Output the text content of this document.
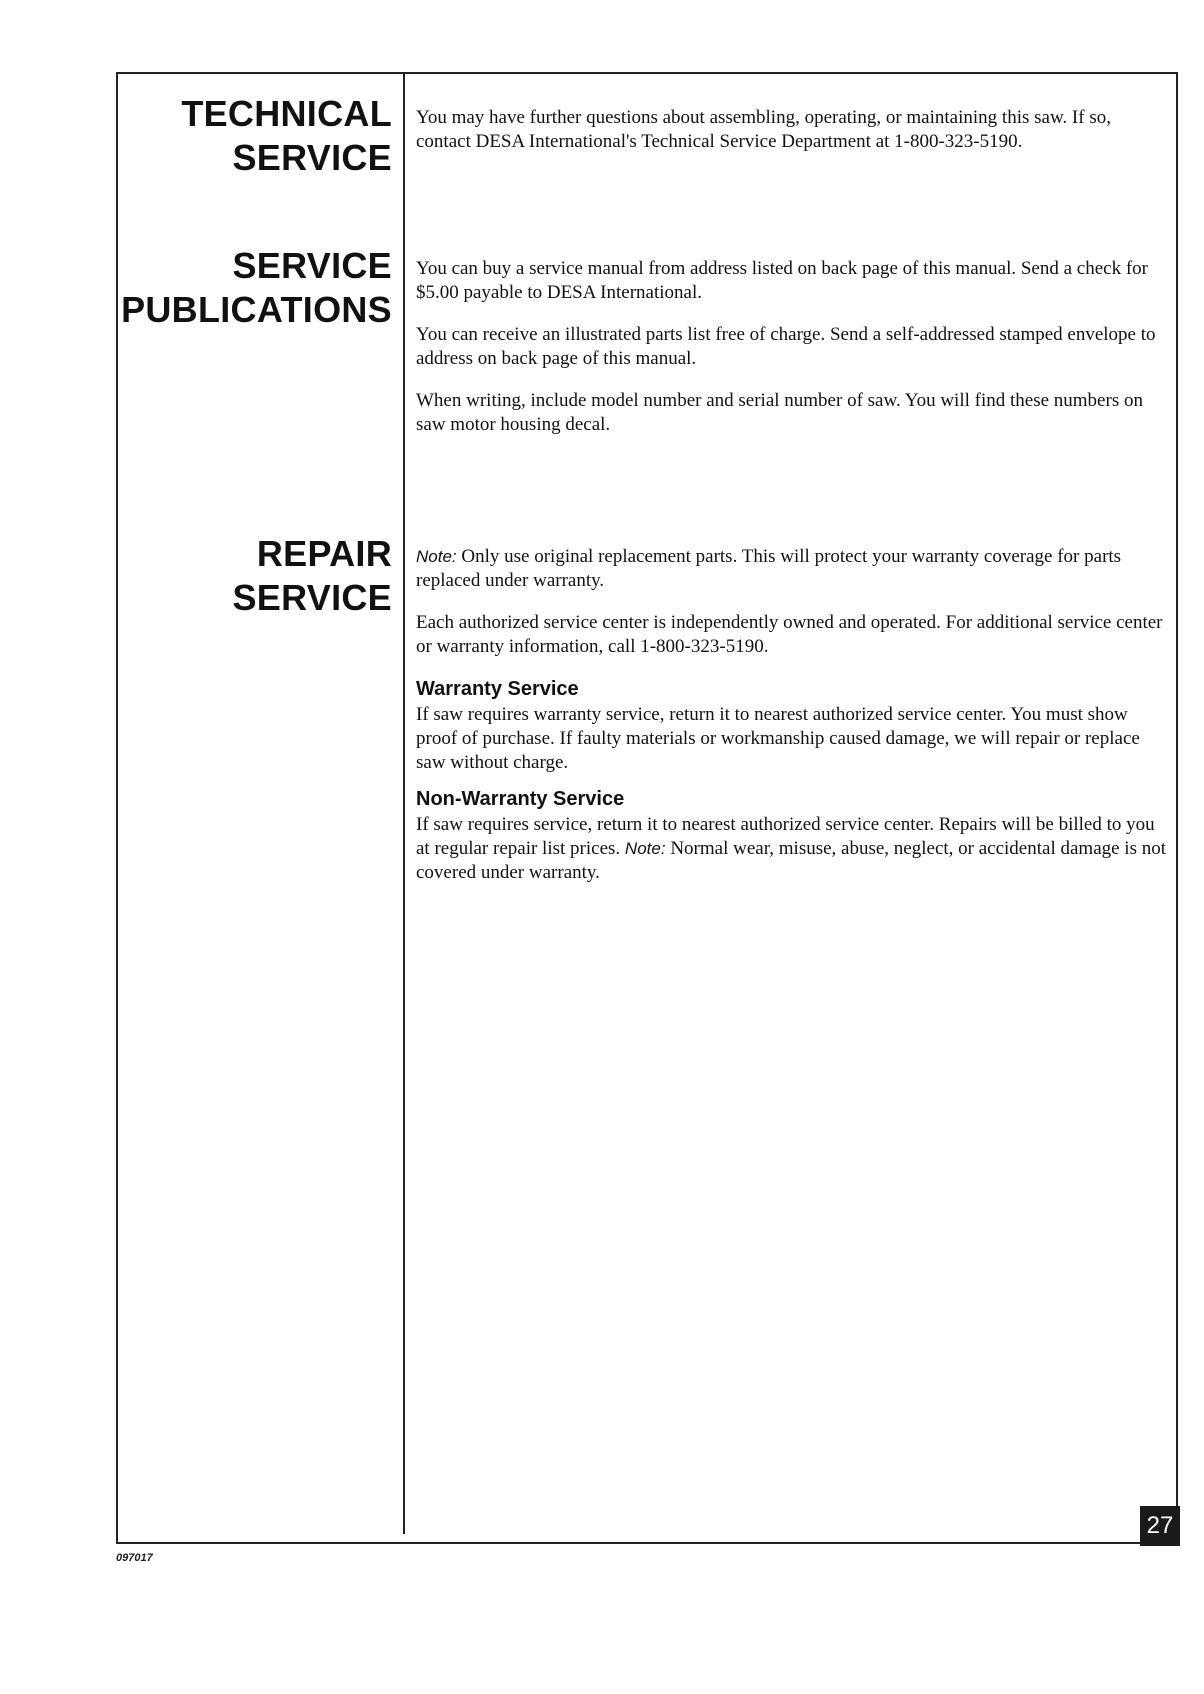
TECHNICAL
SERVICE
SERVICE
PUBLICATIONS
REPAIR
SERVICE

You may have further questions about assembling, operating, or maintaining this saw. If so, contact DESA International's Technical Service Department at 1-800-323-5190.

You can buy a service manual from address listed on back page of this manual. Send a check for $5.00 payable to DESA International.

You can receive an illustrated parts list free of charge. Send a self-addressed stamped envelope to address on back page of this manual.

When writing, include model number and serial number of saw. You will find these numbers on saw motor housing decal.

Note: Only use original replacement parts. This will protect your warranty coverage for parts replaced under warranty.

Each authorized service center is independently owned and operated. For additional service center or warranty information, call 1-800-323-5190.

Warranty Service

If saw requires warranty service, return it to nearest authorized service center. You must show proof of purchase. If faulty materials or workmanship caused damage, we will repair or replace saw without charge.

Non-Warranty Service

If saw requires service, return it to nearest authorized service center. Repairs will be billed to you at regular repair list prices. Note: Normal wear, misuse, abuse, neglect, or accidental damage is not covered under warranty.

27
097017
